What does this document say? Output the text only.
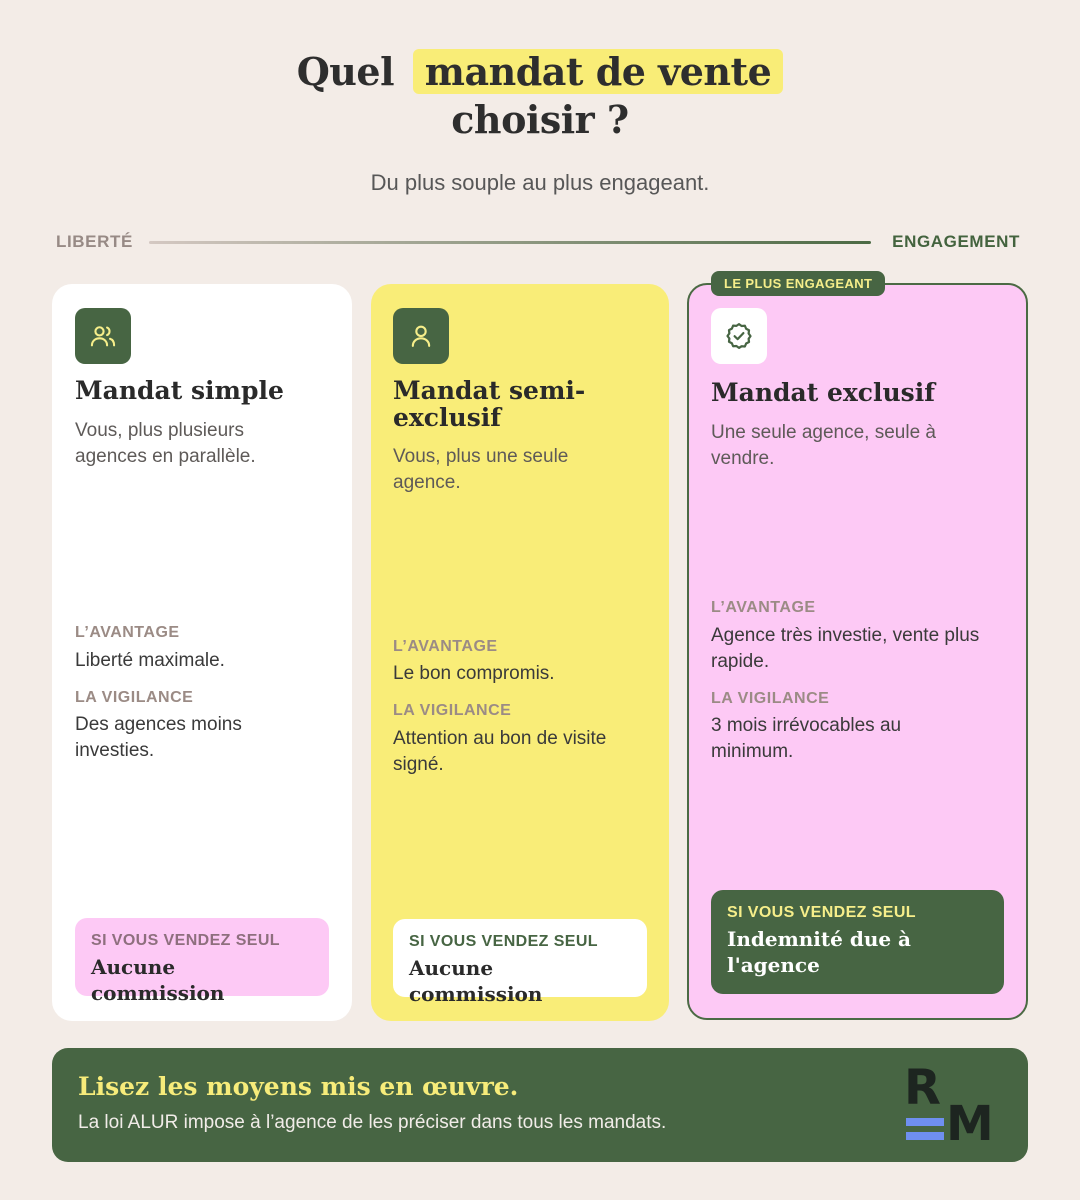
Quel mandat de vente
choisir ?
Du plus souple au plus engageant.
LIBERTÉ	ENGAGEMENT
Mandat simple
Vous, plus plusieurs agences en parallèle.
L’AVANTAGE
Liberté maximale.
LA VIGILANCE
Des agences moins investies.
SI VOUS VENDEZ SEUL
Aucune commission
Mandat semi-exclusif
Vous, plus une seule agence.
L’AVANTAGE
Le bon compromis.
LA VIGILANCE
Attention au bon de visite signé.
SI VOUS VENDEZ SEUL
Aucune commission
LE PLUS ENGAGEANT
Mandat exclusif
Une seule agence, seule à vendre.
L’AVANTAGE
Agence très investie, vente plus rapide.
LA VIGILANCE
3 mois irrévocables au minimum.
SI VOUS VENDEZ SEUL
Indemnité due à l'agence
Lisez les moyens mis en œuvre.
La loi ALUR impose à l’agence de les préciser dans tous les mandats.
R
M
